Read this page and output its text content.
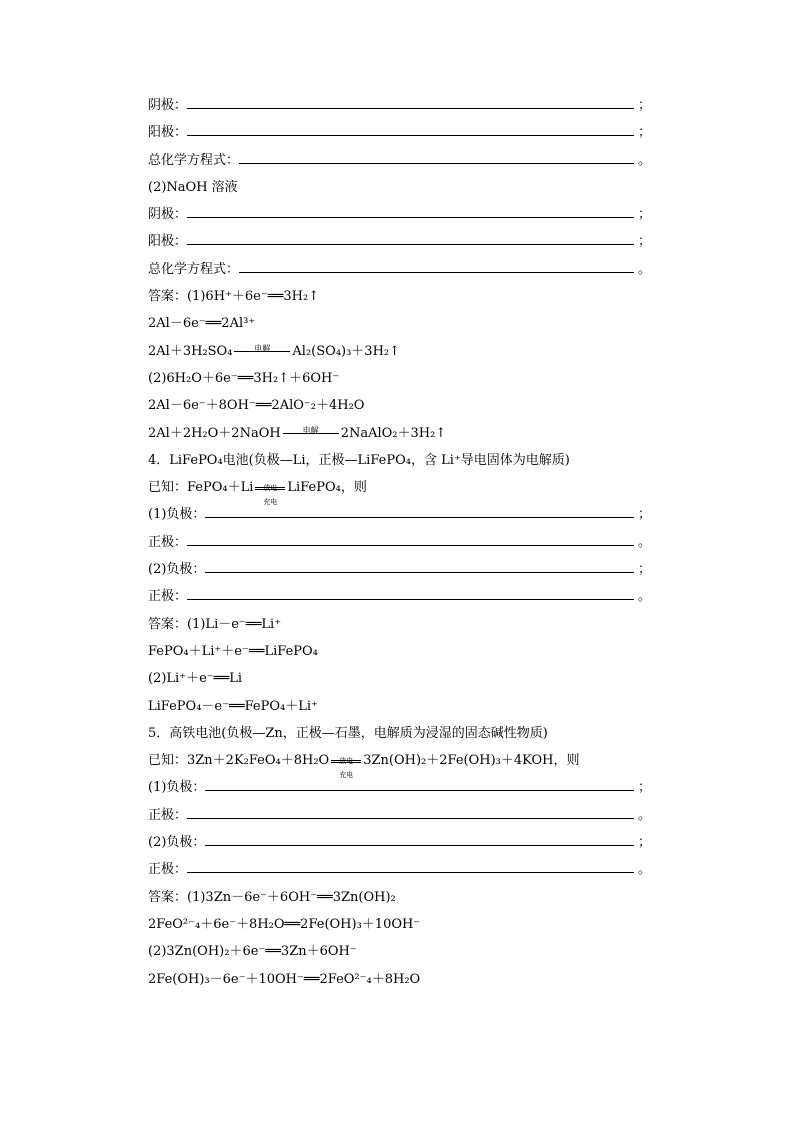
阴极：	；
阳极：	；
总化学方程式：	。
(2)NaOH 溶液
阴极：	；
阳极：	；
总化学方程式：	。
答案：(1)6H⁺＋6e⁻══3H₂↑
2Al－6e⁻══2Al³⁺
2Al＋3H₂SO₄	电解	Al₂(SO₄)₃＋3H₂↑
(2)6H₂O＋6e⁻══3H₂↑＋6OH⁻
2Al－6e⁻＋8OH⁻══2AlO⁻₂＋4H₂O
2Al＋2H₂O＋2NaOH	电解	2NaAlO₂＋3H₂↑
4．LiFePO₄电池(负极—Li，正极—LiFePO₄，含 Li⁺导电固体为电解质)
已知：FePO₄＋Li	放电
充电
LiFePO₄，则
(1)负极：	；
正极：	。
(2)负极：	；
正极：	。
答案：(1)Li－e⁻══Li⁺
FePO₄＋Li⁺＋e⁻══LiFePO₄
(2)Li⁺＋e⁻══Li
LiFePO₄－e⁻══FePO₄＋Li⁺
5．高铁电池(负极—Zn，正极—石墨，电解质为浸湿的固态碱性物质)
已知：3Zn＋2K₂FeO₄＋8H₂O	放电
充电
3Zn(OH)₂＋2Fe(OH)₃＋4KOH，则
(1)负极：	；
正极：	。
(2)负极：	；
正极：	。
答案：(1)3Zn－6e⁻＋6OH⁻══3Zn(OH)₂
2FeO²⁻₄＋6e⁻＋8H₂O══2Fe(OH)₃＋10OH⁻
(2)3Zn(OH)₂＋6e⁻══3Zn＋6OH⁻
2Fe(OH)₃－6e⁻＋10OH⁻══2FeO²⁻₄＋8H₂O
